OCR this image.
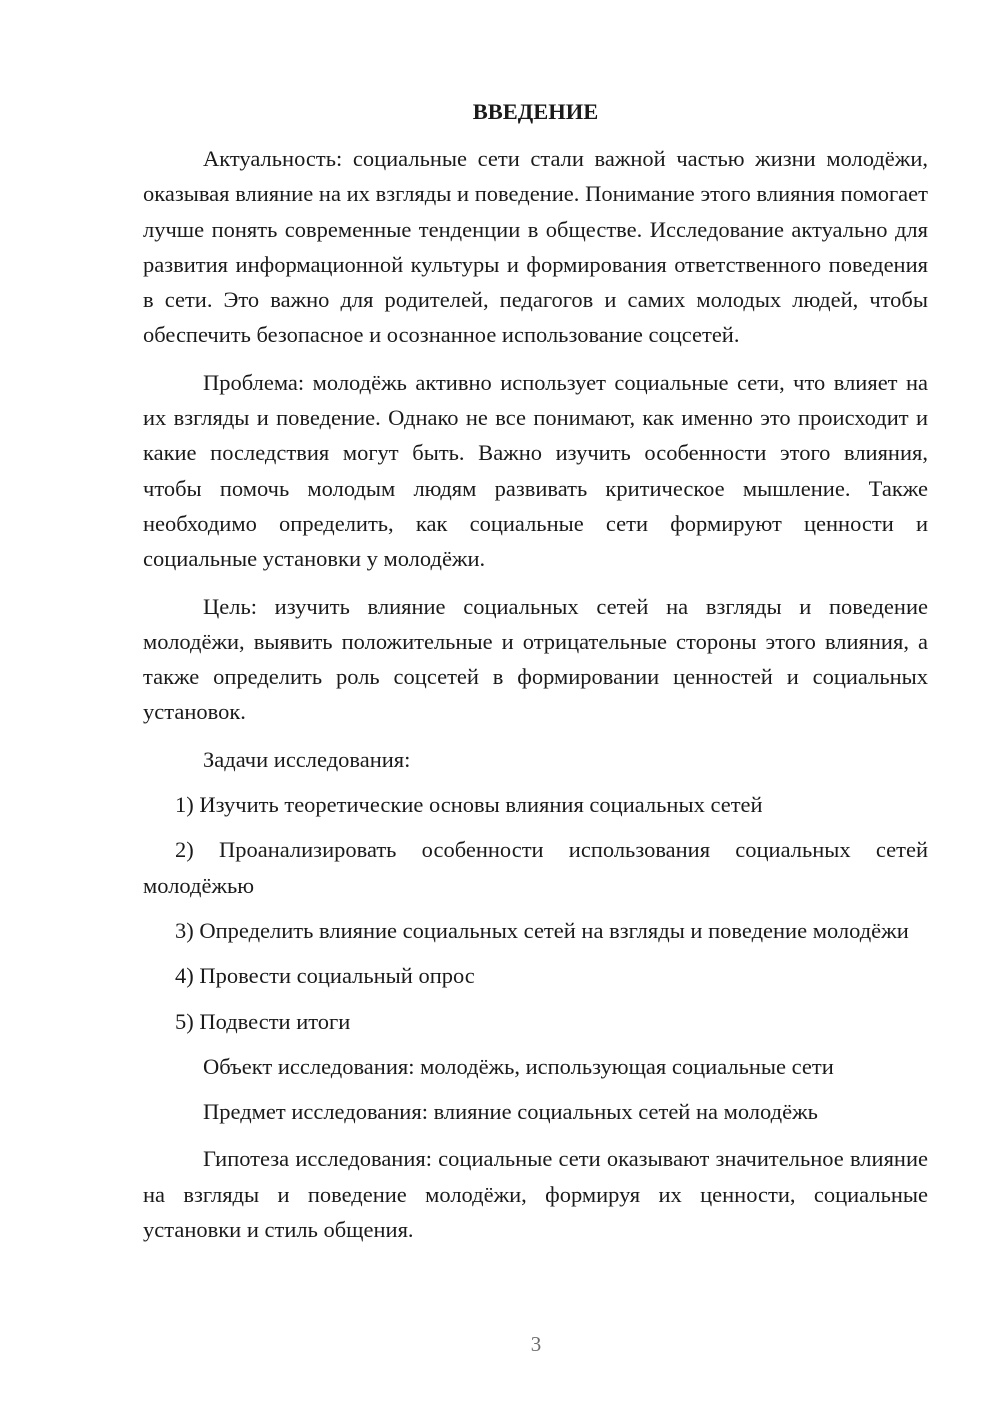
ВВЕДЕНИЕ

Актуальность: социальные сети стали важной частью жизни молодёжи, оказывая влияние на их взгляды и поведение. Понимание этого влияния помогает лучше понять современные тенденции в обществе. Исследование актуально для развития информационной культуры и формирования ответственного поведения в сети. Это важно для родителей, педагогов и самих молодых людей, чтобы обеспечить безопасное и осознанное использование соцсетей.

Проблема: молодёжь активно использует социальные сети, что влияет на их взгляды и поведение. Однако не все понимают, как именно это происходит и какие последствия могут быть. Важно изучить особенности этого влияния, чтобы помочь молодым людям развивать критическое мышление. Также необходимо определить, как социальные сети формируют ценности и социальные установки у молодёжи.

Цель: изучить влияние социальных сетей на взгляды и поведение молодёжи, выявить положительные и отрицательные стороны этого влияния, а также определить роль соцсетей в формировании ценностей и социальных установок.

Задачи исследования:

1) Изучить теоретические основы влияния социальных сетей

2) Проанализировать особенности использования социальных сетей молодёжью

3) Определить влияние социальных сетей на взгляды и поведение молодёжи

4) Провести социальный опрос

5) Подвести итоги

Объект исследования: молодёжь, использующая социальные сети

Предмет исследования: влияние социальных сетей на молодёжь

Гипотеза исследования: социальные сети оказывают значительное влияние на взгляды и поведение молодёжи, формируя их ценности, социальные установки и стиль общения.

3
